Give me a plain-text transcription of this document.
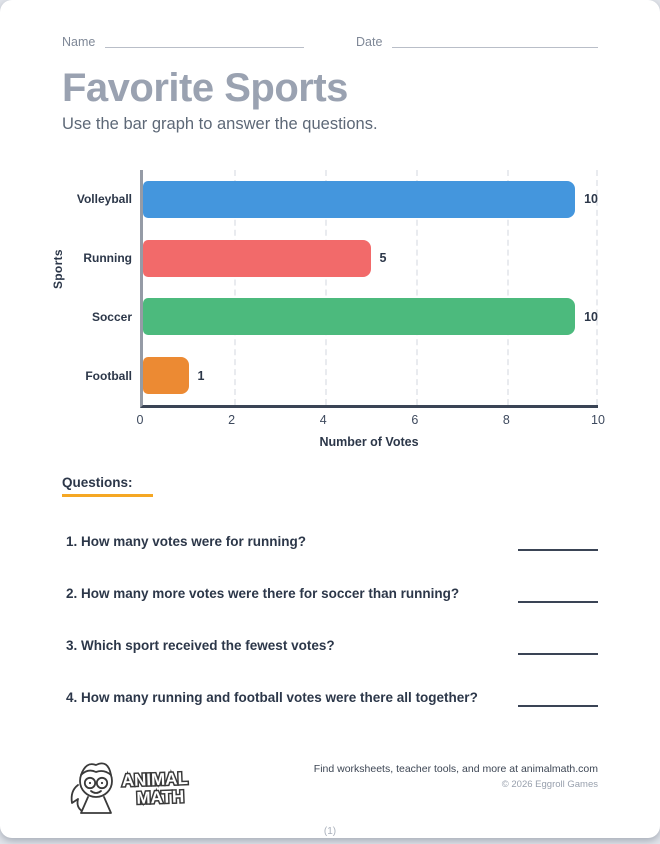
Name	Date
Favorite Sports
Use the bar graph to answer the questions.
Sports
Volleyball	10
Running	5
Soccer	10
Football	1
0	2	4	6	8	10
Number of Votes
Questions:
1. How many votes were for running?
2. How many more votes were there for soccer than running?
3. Which sport received the fewest votes?
4. How many running and football votes were there all together?
ANIMAL
MATH
Find worksheets, teacher tools, and more at animalmath.com
© 2026 Eggroll Games
(1)
